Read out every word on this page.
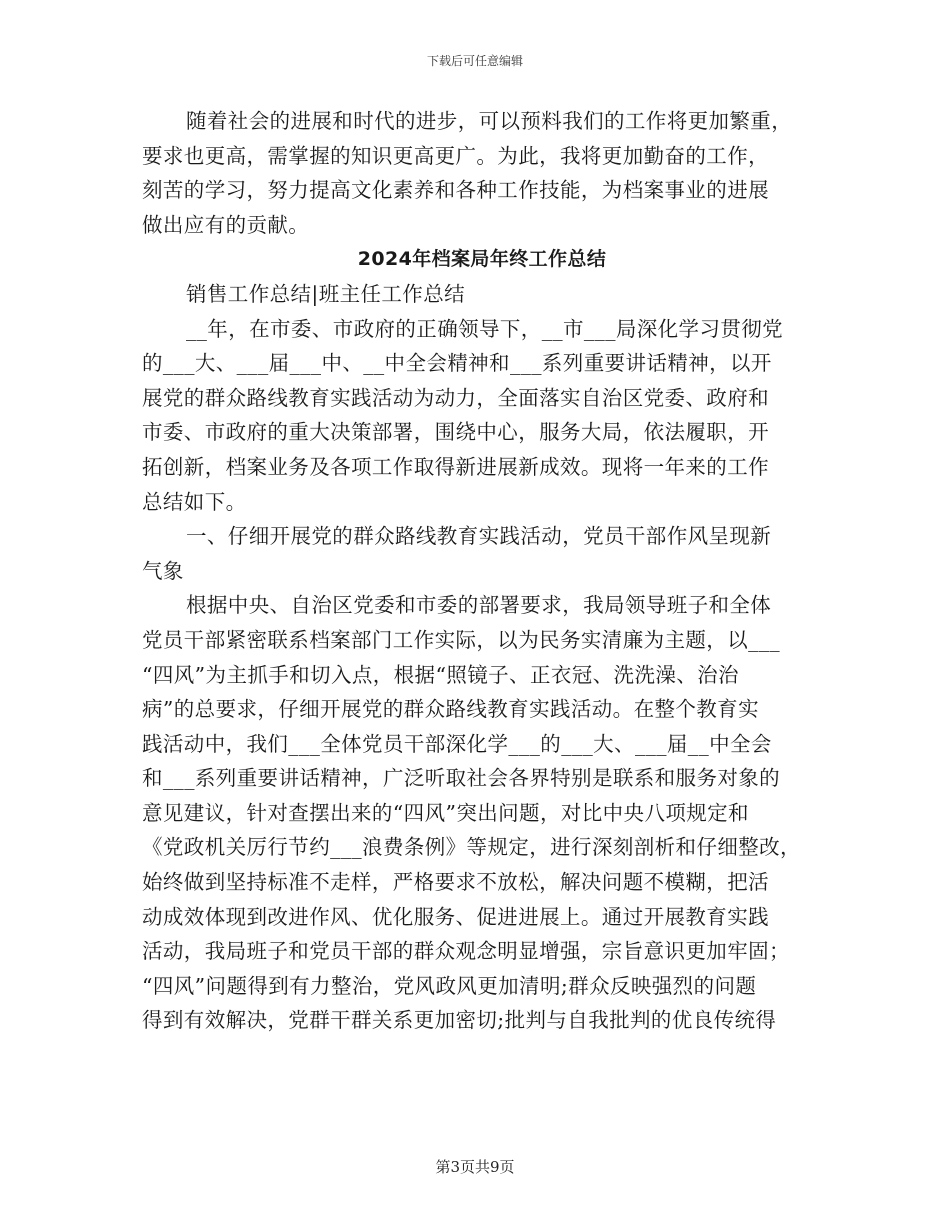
下载后可任意编辑
随着社会的进展和时代的进步，可以预料我们的工作将更加繁重，
要求也更高，需掌握的知识更高更广。为此，我将更加勤奋的工作，
刻苦的学习，努力提高文化素养和各种工作技能，为档案事业的进展
做出应有的贡献。
2024年档案局年终工作总结
销售工作总结|班主任工作总结
__年，在市委、市政府的正确领导下，__市___局深化学习贯彻党
的___大、___届___中、__中全会精神和___系列重要讲话精神，以开
展党的群众路线教育实践活动为动力，全面落实自治区党委、政府和
市委、市政府的重大决策部署，围绕中心，服务大局，依法履职，开
拓创新，档案业务及各项工作取得新进展新成效。现将一年来的工作
总结如下。
一、仔细开展党的群众路线教育实践活动，党员干部作风呈现新
气象
根据中央、自治区党委和市委的部署要求，我局领导班子和全体
党员干部紧密联系档案部门工作实际，以为民务实清廉为主题，以___
“四风”为主抓手和切入点，根据“照镜子、正衣冠、洗洗澡、治治
病”的总要求，仔细开展党的群众路线教育实践活动。在整个教育实
践活动中，我们___全体党员干部深化学___的___大、___届__中全会
和___系列重要讲话精神，广泛听取社会各界特别是联系和服务对象的
意见建议，针对查摆出来的“四风”突出问题，对比中央八项规定和
《党政机关厉行节约___浪费条例》等规定，进行深刻剖析和仔细整改，
始终做到坚持标准不走样，严格要求不放松，解决问题不模糊，把活
动成效体现到改进作风、优化服务、促进进展上。通过开展教育实践
活动，我局班子和党员干部的群众观念明显增强，宗旨意识更加牢固；
“四风”问题得到有力整治，党风政风更加清明;群众反映强烈的问题
得到有效解决，党群干群关系更加密切;批判与自我批判的优良传统得
第3页共9页
